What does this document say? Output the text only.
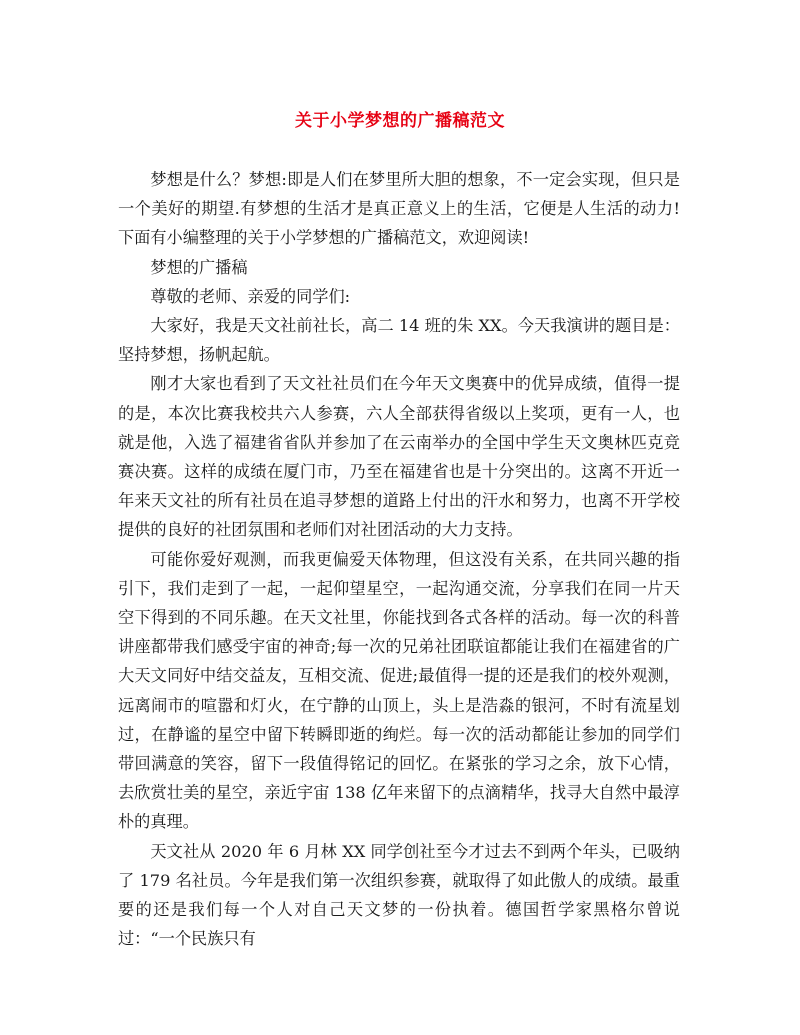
关于小学梦想的广播稿范文

梦想是什么？梦想:即是人们在梦里所大胆的想象，不一定会实现，但只是一个美好的期望.有梦想的生活才是真正意义上的生活，它便是人生活的动力!下面有小编整理的关于小学梦想的广播稿范文，欢迎阅读!

梦想的广播稿

尊敬的老师、亲爱的同学们:

大家好，我是天文社前社长，高二 14 班的朱 XX。今天我演讲的题目是：坚持梦想，扬帆起航。

刚才大家也看到了天文社社员们在今年天文奥赛中的优异成绩，值得一提的是，本次比赛我校共六人参赛，六人全部获得省级以上奖项，更有一人，也就是他，入选了福建省省队并参加了在云南举办的全国中学生天文奥林匹克竞赛决赛。这样的成绩在厦门市，乃至在福建省也是十分突出的。这离不开近一年来天文社的所有社员在追寻梦想的道路上付出的汗水和努力，也离不开学校提供的良好的社团氛围和老师们对社团活动的大力支持。

可能你爱好观测，而我更偏爱天体物理，但这没有关系，在共同兴趣的指引下，我们走到了一起，一起仰望星空，一起沟通交流，分享我们在同一片天空下得到的不同乐趣。在天文社里，你能找到各式各样的活动。每一次的科普讲座都带我们感受宇宙的神奇;每一次的兄弟社团联谊都能让我们在福建省的广大天文同好中结交益友，互相交流、促进;最值得一提的还是我们的校外观测，远离闹市的喧嚣和灯火，在宁静的山顶上，头上是浩淼的银河，不时有流星划过，在静谧的星空中留下转瞬即逝的绚烂。每一次的活动都能让参加的同学们带回满意的笑容，留下一段值得铭记的回忆。在紧张的学习之余，放下心情，去欣赏壮美的星空，亲近宇宙 138 亿年来留下的点滴精华，找寻大自然中最淳朴的真理。

天文社从 2020 年 6 月林 XX 同学创社至今才过去不到两个年头，已吸纳了 179 名社员。今年是我们第一次组织参赛，就取得了如此傲人的成绩。最重要的还是我们每一个人对自己天文梦的一份执着。德国哲学家黑格尔曾说过：“一个民族只有
